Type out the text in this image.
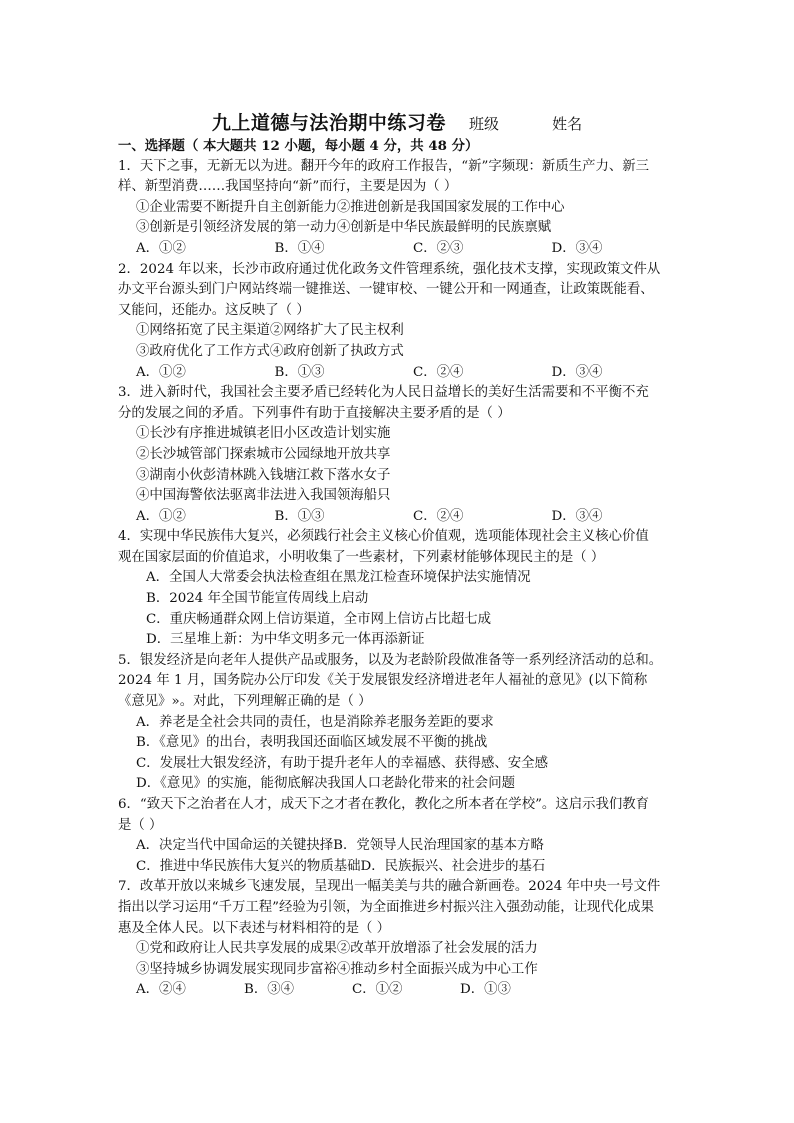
九上道德与法治期中练习卷 班级	姓名
一、选择题（ 本大题共 12 小题，每小题 4 分，共 48 分）
1．天下之事，无新无以为进。翻开今年的政府工作报告，“新”字频现：新质生产力、新三
样、新型消费……我国坚持向“新”而行，主要是因为（ ）
①企业需要不断提升自主创新能力②推进创新是我国国家发展的工作中心
③创新是引领经济发展的第一动力④创新是中华民族最鲜明的民族禀赋
A．①②	B．①④	C．②③	D．③④
2．2024 年以来，长沙市政府通过优化政务文件管理系统，强化技术支撑，实现政策文件从
办文平台源头到门户网站终端一键推送、一键审校、一键公开和一网通查，让政策既能看、
又能问，还能办。这反映了（ ）
①网络拓宽了民主渠道②网络扩大了民主权利
③政府优化了工作方式④政府创新了执政方式
A．①②	B．①③	C．②④	D．③④
3．进入新时代，我国社会主要矛盾已经转化为人民日益增长的美好生活需要和不平衡不充
分的发展之间的矛盾。下列事件有助于直接解决主要矛盾的是（ ）
①长沙有序推进城镇老旧小区改造计划实施
②长沙城管部门探索城市公园绿地开放共享
③湖南小伙彭清林跳入钱塘江救下落水女子
④中国海警依法驱离非法进入我国领海船只
A．①②	B．①③	C．②④	D．③④
4．实现中华民族伟大复兴，必须践行社会主义核心价值观，选项能体现社会主义核心价值
观在国家层面的价值追求，小明收集了一些素材，下列素材能够体现民主的是（ ）
A．全国人大常委会执法检查组在黑龙江检查环境保护法实施情况
B．2024 年全国节能宣传周线上启动
C．重庆畅通群众网上信访渠道，全市网上信访占比超七成
D．三星堆上新：为中华文明多元一体再添新证
5．银发经济是向老年人提供产品或服务，以及为老龄阶段做准备等一系列经济活动的总和。
2024 年 1 月，国务院办公厅印发《关于发展银发经济增进老年人福祉的意见》(以下简称
《意见》»。对此，下列理解正确的是（ ）
A．养老是全社会共同的责任，也是消除养老服务差距的要求
B．《意见》的出台，表明我国还面临区域发展不平衡的挑战
C．发展壮大银发经济，有助于提升老年人的幸福感、获得感、安全感
D．《意见》的实施，能彻底解决我国人口老龄化带来的社会问题
6．“致天下之治者在人才，成天下之才者在教化，教化之所本者在学校”。这启示我们教育
是（ ）
A．决定当代中国命运的关键抉择 B．党领导人民治理国家的基本方略
C．推进中华民族伟大复兴的物质基础 D．民族振兴、社会进步的基石
7．改革开放以来城乡飞速发展，呈现出一幅美美与共的融合新画卷。2024 年中央一号文件
指出以学习运用“千万工程”经验为引领，为全面推进乡村振兴注入强劲动能，让现代化成果
惠及全体人民。以下表述与材料相符的是（ ）
①党和政府让人民共享发展的成果②改革开放增添了社会发展的活力
③坚持城乡协调发展实现同步富裕④推动乡村全面振兴成为中心工作
A．②④	B．③④	C．①②	D．①③
